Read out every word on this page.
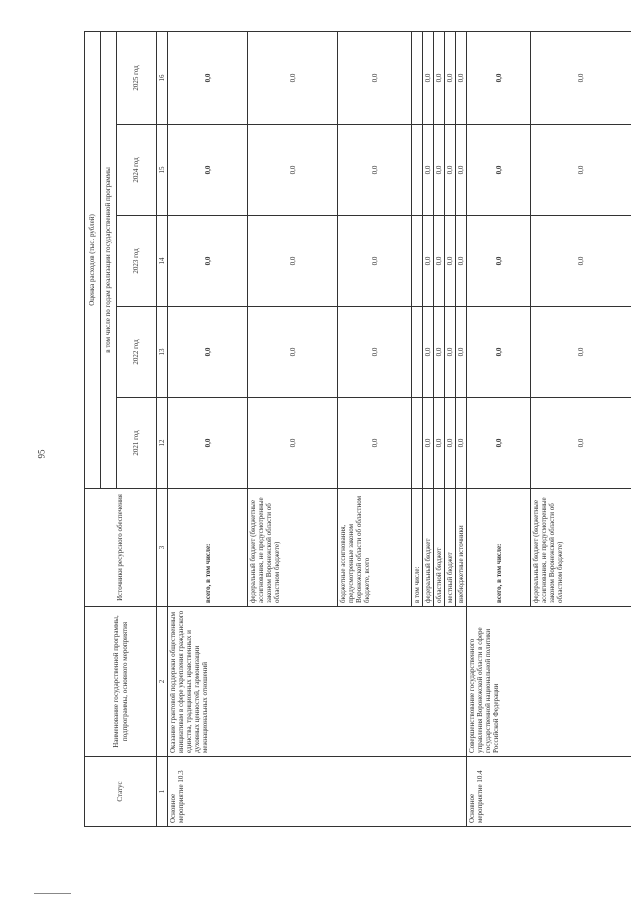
95
Статус	Наименование государственной программы, подпрограммы, основного мероприятия	Источники ресурсного обеспечения	Оценка расходов (тыс. рублей)				
			в том числе по годам реализации государственной программы				
			2021 год	2022 год	2023 год	2024 год	2025 год
1	2	3	12	13	14	15	16
Основное мероприятие 10.3	Оказание грантовой поддержки общественным инициативам в сфере укрепления гражданского единства, традиционных нравственных и духовных ценностей, гармонизации межнациональных отношений	всего, в том числе:	0,0	0,0	0,0	0,0	0,0
		федеральный бюджет (бюджетные ассигнования, не предусмотренные законом Воронежской области об областном бюджете)	0,0	0,0	0,0	0,0	0,0
		бюджетные ассигнования, предусмотренные законом Воронежской области об областном бюджете, всего	0,0	0,0	0,0	0,0	0,0
		в том числе:					
		федеральный бюджет	0,0	0,0	0,0	0,0	0,0
		областной бюджет	0,0	0,0	0,0	0,0	0,0
		местный бюджет	0,0	0,0	0,0	0,0	0,0
		внебюджетные источники	0,0	0,0	0,0	0,0	0,0
Основное мероприятие 10.4	Совершенствование государственного управления Воронежской области в сфере государственной национальной политики Российской Федерации	всего, в том числе:	0,0	0,0	0,0	0,0	0,0
		федеральный бюджет (бюджетные ассигнования, не предусмотренные законом Воронежской области об областном бюджете)	0,0	0,0	0,0	0,0	0,0
